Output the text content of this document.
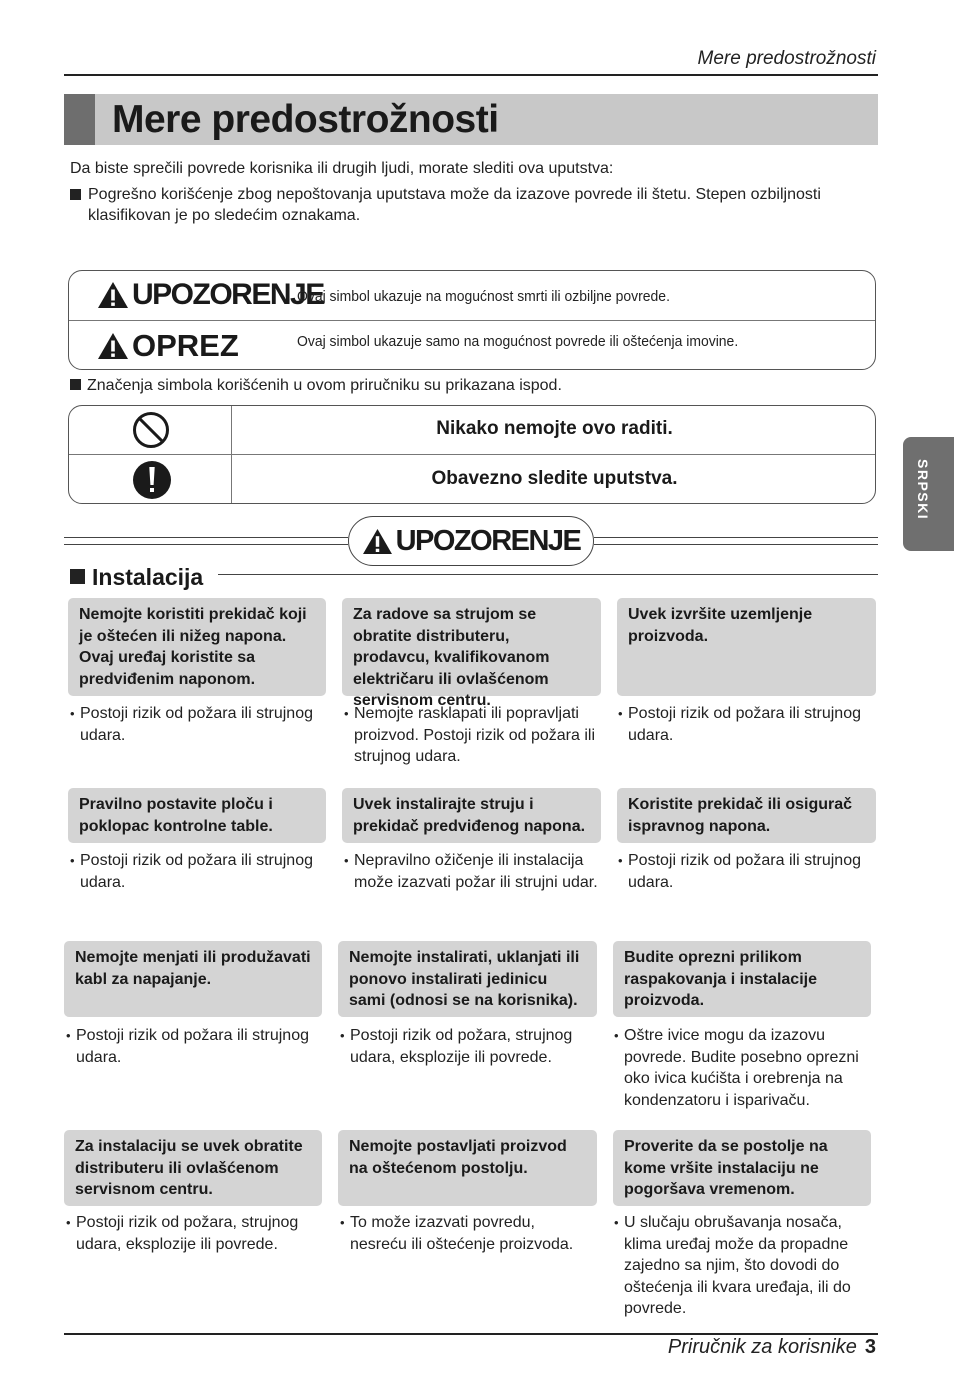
Mere predostrožnosti
Mere predostrožnosti
Da biste sprečili povrede korisnika ili drugih ljudi, morate slediti ova uputstva:
Pogrešno korišćenje zbog nepoštovanja uputstava može da izazove povrede ili štetu. Stepen ozbiljnosti klasifikovan je po sledećim oznakama.
UPOZORENJE
Ovaj simbol ukazuje na mogućnost smrti ili ozbiljne povrede.
OPREZ	Ovaj simbol ukazuje samo na mogućnost povrede ili oštećenja imovine.
Značenja simbola korišćenih u ovom priručniku su prikazana ispod.
Nikako nemojte ovo raditi.
Obavezno sledite uputstva.
UPOZORENJE
Instalacija
Nemojte koristiti prekidač koji je oštećen ili nižeg napona. Ovaj uređaj koristite sa predviđenim naponom.
• Postoji rizik od požara ili strujnog udara.
Za radove sa strujom se obratite distributeru, prodavcu, kvalifikovanom električaru ili ovlašćenom servisnom centru.
• Nemojte rasklapati ili popravljati proizvod. Postoji rizik od požara ili strujnog udara.
Uvek izvršite uzemljenje proizvoda.
• Postoji rizik od požara ili strujnog udara.
Pravilno postavite ploču i poklopac kontrolne table.
• Postoji rizik od požara ili strujnog udara.
Uvek instalirajte struju i prekidač predviđenog napona.
• Nepravilno ožičenje ili instalacija može izazvati požar ili strujni udar.
Koristite prekidač ili osigurač ispravnog napona.
• Postoji rizik od požara ili strujnog udara.
Nemojte menjati ili produžavati kabl za napajanje.
• Postoji rizik od požara ili strujnog udara.
Nemojte instalirati, uklanjati ili ponovo instalirati jedinicu sami (odnosi se na korisnika).
• Postoji rizik od požara, strujnog udara, eksplozije ili povrede.
Budite oprezni prilikom raspakovanja i instalacije proizvoda.
• Oštre ivice mogu da izazovu povrede. Budite posebno oprezni oko ivica kućišta i orebrenja na kondenzatoru i isparivaču.
Za instalaciju se uvek obratite distributeru ili ovlašćenom servisnom centru.
• Postoji rizik od požara, strujnog udara, eksplozije ili povrede.
Nemojte postavljati proizvod na oštećenom postolju.
• To može izazvati povredu, nesreću ili oštećenje proizvoda.
Proverite da se postolje na kome vršite instalaciju ne pogoršava vremenom.
• U slučaju obrušavanja nosača, klima uređaj može da propadne zajedno sa njim, što dovodi do oštećenja ili kvara uređaja, ili do povrede.
SRPSKI
Priručnik za korisnike 3
